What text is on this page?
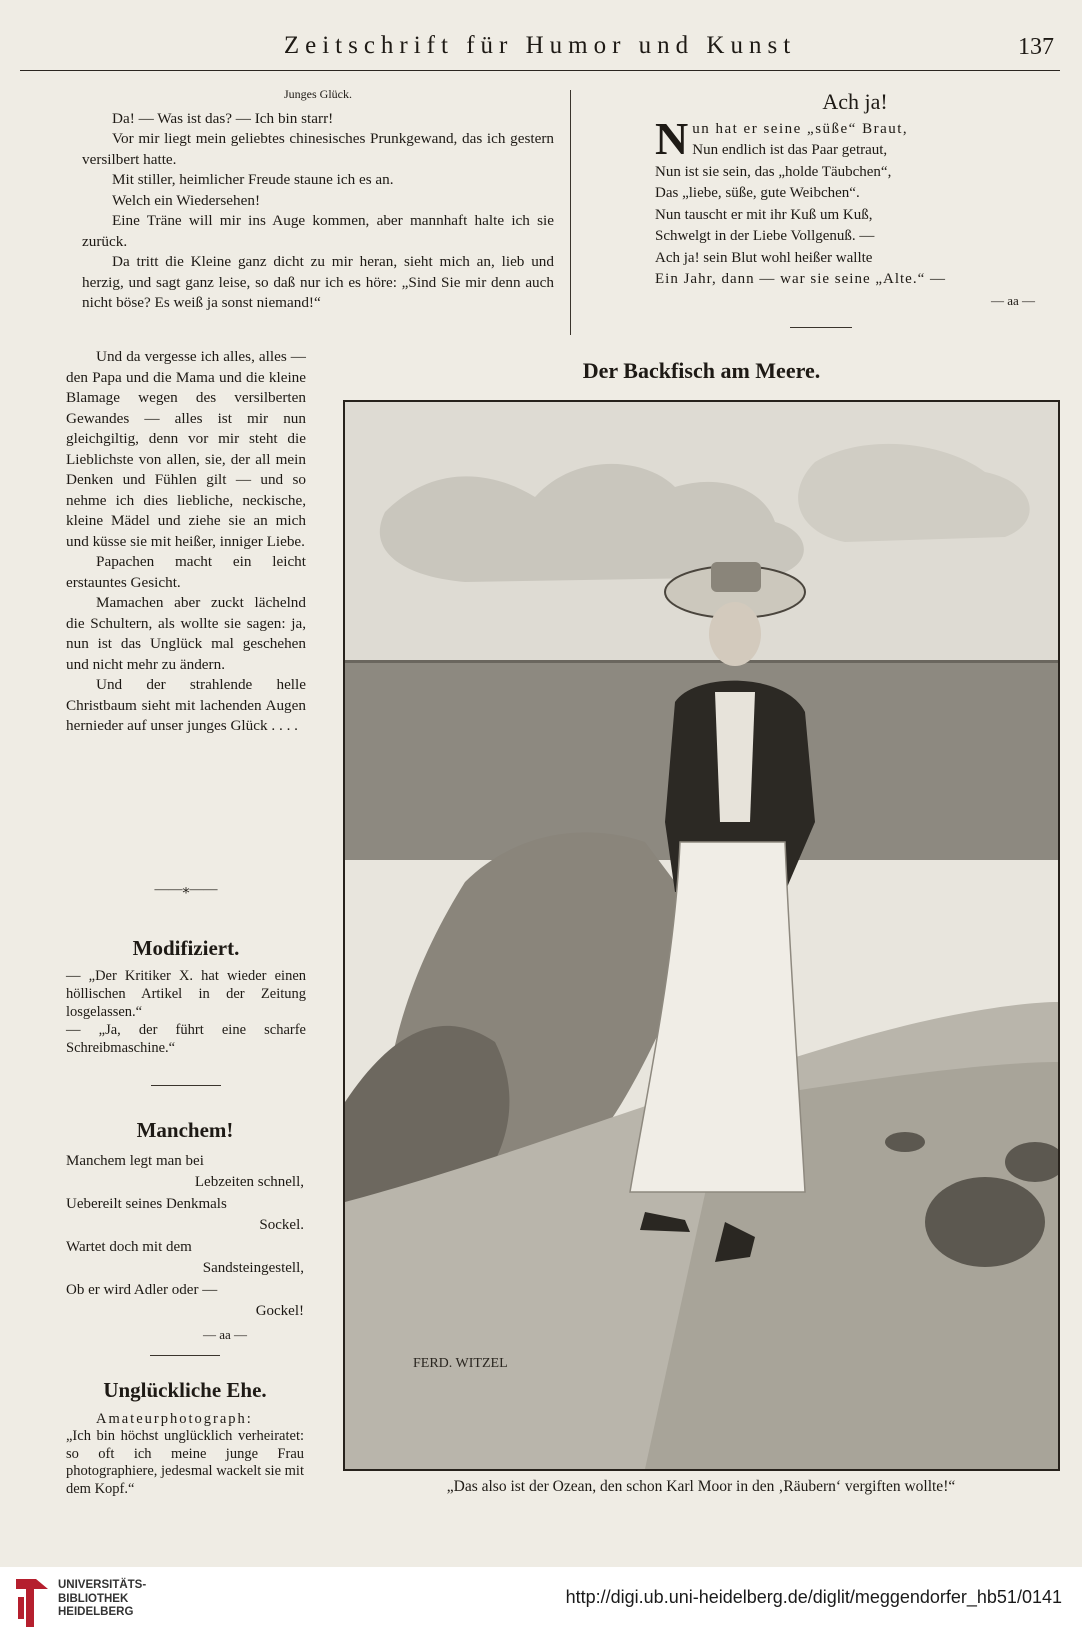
Zeitschrift für Humor und Kunst	137
Junges Glück.

Da! — Was ist das? — Ich bin starr!

Vor mir liegt mein geliebtes chinesisches Prunkgewand, das ich gestern versilbert hatte.

Mit stiller, heimlicher Freude staune ich es an.

Welch ein Wiedersehen!

Eine Träne will mir ins Auge kommen, aber mannhaft halte ich sie zurück.

Da tritt die Kleine ganz dicht zu mir heran, sieht mich an, lieb und herzig, und sagt ganz leise, so daß nur ich es höre: „Sind Sie mir denn auch nicht böse? Es weiß ja sonst niemand!“

Und da vergesse ich alles, alles — den Papa und die Mama und die kleine Blamage wegen des versilberten Gewandes — alles ist mir nun gleichgiltig, denn vor mir steht die Lieblichste von allen, sie, der all mein Denken und Fühlen gilt — und so nehme ich dies liebliche, neckische, kleine Mädel und ziehe sie an mich und küsse sie mit heißer, inniger Liebe.

Papachen macht ein leicht erstauntes Gesicht.

Mamachen aber zuckt lächelnd die Schultern, als wollte sie sagen: ja, nun ist das Unglück mal geschehen und nicht mehr zu ändern.

Und der strahlende helle Christbaum sieht mit lachenden Augen hernieder auf unser junges Glück . . . .

——⁎——
Modifiziert.

— „Der Kritiker X. hat wieder einen höllischen Artikel in der Zeitung losgelassen.“

— „Ja, der führt eine scharfe Schreibmaschine.“

Manchem!

Manchem legt man bei

Lebzeiten schnell,

Uebereilt seines Denkmals

Sockel.

Wartet doch mit dem

Sandsteingestell,

Ob er wird Adler oder —

Gockel!

— aa —

Unglückliche Ehe.

Amateurphotograph:

„Ich bin höchst unglücklich verheiratet: so oft ich meine junge Frau photographiere, jedesmal wackelt sie mit dem Kopf.“

Ach ja!
N un hat er seine „süße“ Braut,

Nun endlich ist das Paar getraut,

Nun ist sie sein, das „holde Täubchen“,

Das „liebe, süße, gute Weibchen“.

Nun tauscht er mit ihr Kuß um Kuß,

Schwelgt in der Liebe Vollgenuß. —

Ach ja! sein Blut wohl heißer wallte

Ein Jahr, dann — war sie seine „Alte.“ —

— aa —

Der Backfisch am Meere.
FERD. WITZEL
„Das also ist der Ozean, den schon Karl Moor in den ‚Räubern‘ vergiften wollte!“
UNIVERSITÄTS-
BIBLIOTHEK
HEIDELBERG
http://digi.ub.uni-heidelberg.de/diglit/meggendorfer_hb51/0141
